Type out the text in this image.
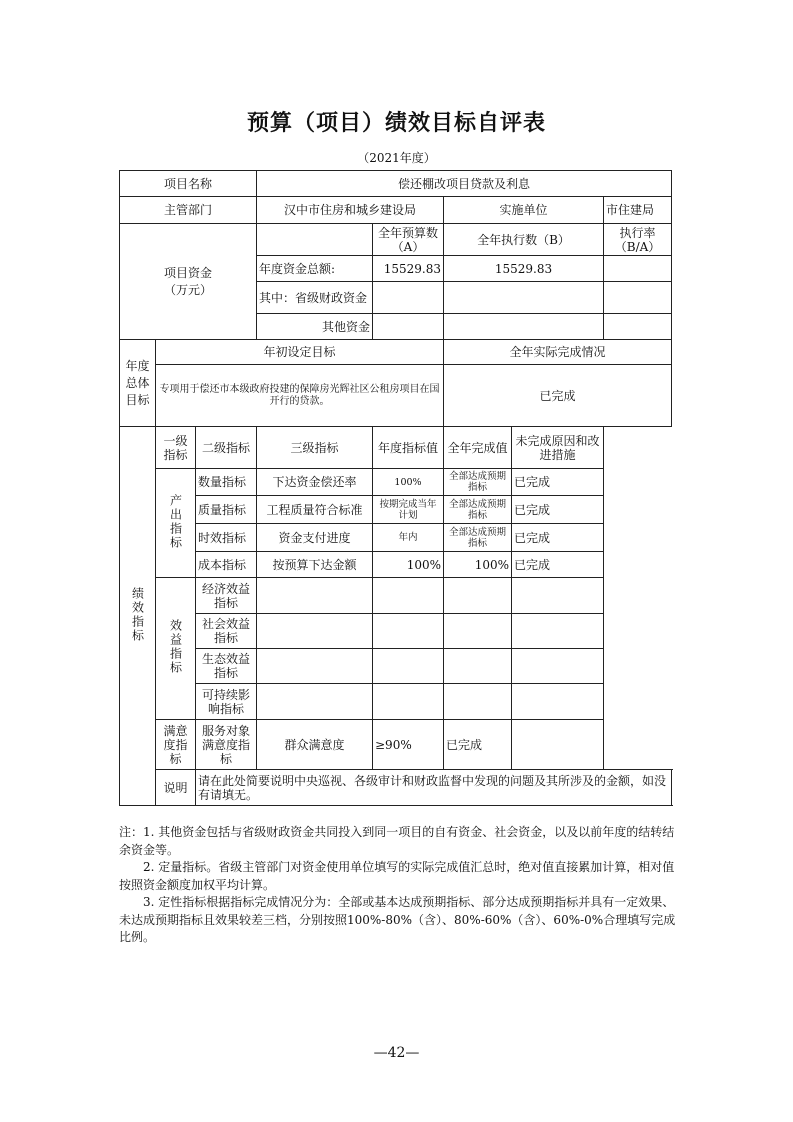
预算（项目）绩效目标自评表
（2021年度）
项目名称			偿还棚改项目贷款及利息				
主管部门			汉中市住房和城乡建设局		实施单位		市住建局
项目资金（万元）				全年预算数（A）	全年执行数（B）		执行率（B/A）
			年度资金总额:	15529.83	15529.83		
			其中：省级财政资金				
			其他资金				
年度总体目标	年初设定目标				全年实际完成情况		
	专项用于偿还市本级政府投建的保障房光辉社区公租房项目在国开行的贷款。				已完成		
绩效指标	一级指标	二级指标	三级指标	年度指标值	全年完成值	未完成原因和改进措施
	产出指标	数量指标	下达资金偿还率	100%	全部达成预期指标	已完成	
		质量指标	工程质量符合标准	按期完成当年计划	全部达成预期指标	已完成	
		时效指标	资金支付进度	年内	全部达成预期指标	已完成	
		成本指标	按预算下达金额	100%	100%	已完成	
	效益指标	经济效益指标					
		社会效益指标					
		生态效益指标					
		可持续影响指标					
	满意度指标	服务对象满意度指标	群众满意度	≥90%	已完成		
	说明	请在此处简要说明中央巡视、各级审计和财政监督中发现的问题及其所涉及的金额，如没有请填无。					

注：1. 其他资金包括与省级财政资金共同投入到同一项目的自有资金、社会资金，以及以前年度的结转结余资金等。

2. 定量指标。省级主管部门对资金使用单位填写的实际完成值汇总时，绝对值直接累加计算，相对值按照资金额度加权平均计算。

3. 定性指标根据指标完成情况分为：全部或基本达成预期指标、部分达成预期指标并具有一定效果、未达成预期指标且效果较差三档，分别按照100%-80%（含）、80%-60%（含）、60%-0%合理填写完成比例。

—42—
